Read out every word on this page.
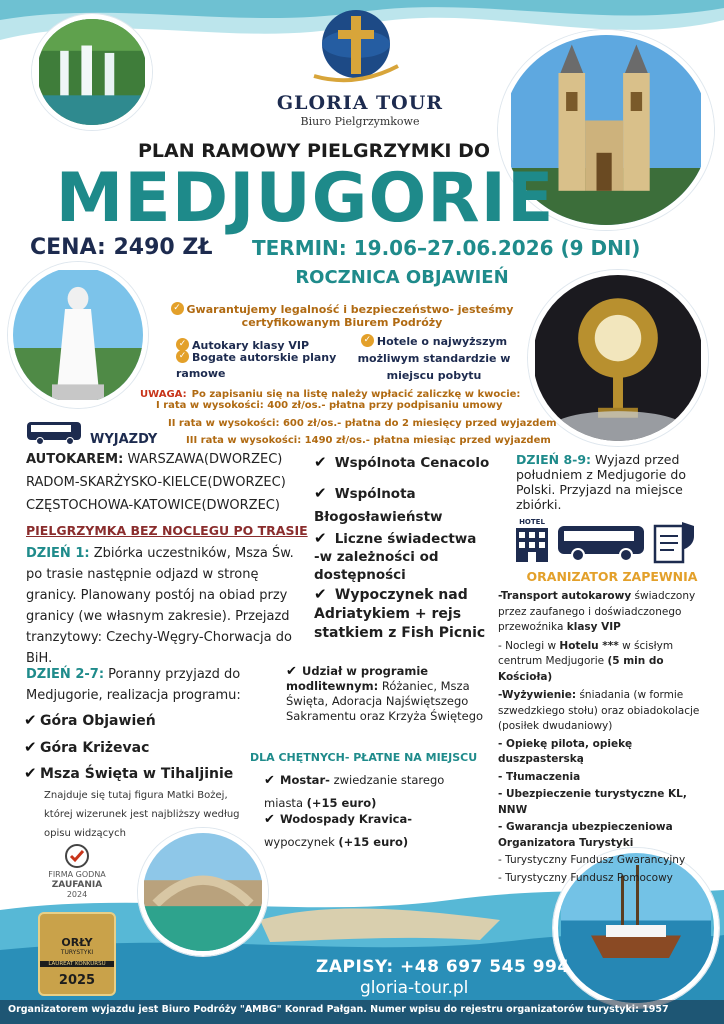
GLORIA TOUR
Biuro Pielgrzymkowe
PLAN RAMOWY PIELGRZYMKI DO
MEDJUGORIE
CENA: 2490 ZŁ TERMIN: 19.06–27.06.2026 (9 DNI)
ROCZNICA OBJAWIEŃ
✓ Gwarantujemy legalność i bezpieczeństwo- jesteśmy
certyfikowanym Biurem Podróży
✓ Autokary klasy VIP
✓ Bogate autorskie plany ramowe
✓ Hotele o najwyższym możliwym standardzie w miejscu pobytu
UWAGA: Po zapisaniu się na listę należy wpłacić zaliczkę w kwocie:
I rata w wysokości: 400 zł/os.- płatna przy podpisaniu umowy
II rata w wysokości: 600 zł/os.- płatna do 2 miesięcy przed wyjazdem
III rata w wysokości: 1490 zł/os.- płatna miesiąc przed wyjazdem
WYJAZDY
AUTOKAREM: WARSZAWA(DWORZEC)
RADOM-SKARŻYSKO-KIELCE(DWORZEC)
CZĘSTOCHOWA-KATOWICE(DWORZEC)
PIELGRZYMKA BEZ NOCLEGU PO TRASIE
DZIEŃ 1: Zbiórka uczestników, Msza Św. po trasie następnie odjazd w stronę granicy. Planowany postój na obiad przy granicy (we własnym zakresie). Przejazd tranzytowy: Czechy-Węgry-Chorwacja do BiH.
DZIEŃ 2-7: Poranny przyjazd do Medjugorie, realizacja programu:
✔ Góra Objawień
✔ Góra Kriżevac
✔ Msza Święta w Tihaljinie
Znajduje się tutaj figura Matki Bożej, której wizerunek jest najbliższy według opisu widzących
✔ Wspólnota Cenacolo
✔ Wspólnota Błogosławieństw
✔ Liczne świadectwa -w zależności od dostępności
✔ Wypoczynek nad Adriatykiem + rejs statkiem z Fish Picnic
✔ Udział w programie modlitewnym: Różaniec, Msza Święta, Adoracja Najświętszego Sakramentu oraz Krzyża Świętego
DLA CHĘTNYCH- PŁATNE NA MIEJSCU
✔ Mostar- zwiedzanie starego miasta (+15 euro)
✔ Wodospady Kravica- wypoczynek (+15 euro)
DZIEŃ 8-9: Wyjazd przed południem z Medjugorie do Polski. Przyjazd na miejsce zbiórki.
HOTEL
ORANIZATOR ZAPEWNIA
-Transport autokarowy świadczony przez zaufanego i doświadczonego przewoźnika klasy VIP
- Noclegi w Hotelu *** w ścisłym centrum Medjugorie (5 min do Kościoła)
-Wyżywienie: śniadania (w formie szwedzkiego stołu) oraz obiadokolacje (posiłek dwudaniowy)
- Opiekę pilota, opiekę duszpasterską
- Tłumaczenia
- Ubezpieczenie turystyczne KL, NNW
- Gwarancja ubezpieczeniowa Organizatora Turystyki
- Turystyczny Fundusz Gwarancyjny
- Turystyczny Fundusz Pomocowy
FIRMA GODNA
ZAUFANIA
2024
ORŁY
TURYSTYKI
LAUREAT KONKURSU
2025
ZAPISY: +48 697 545 994
gloria-tour.pl
Organizatorem wyjazdu jest Biuro Podróży "AMBG" Konrad Pałgan. Numer wpisu do rejestru organizatorów turystyki: 1957
